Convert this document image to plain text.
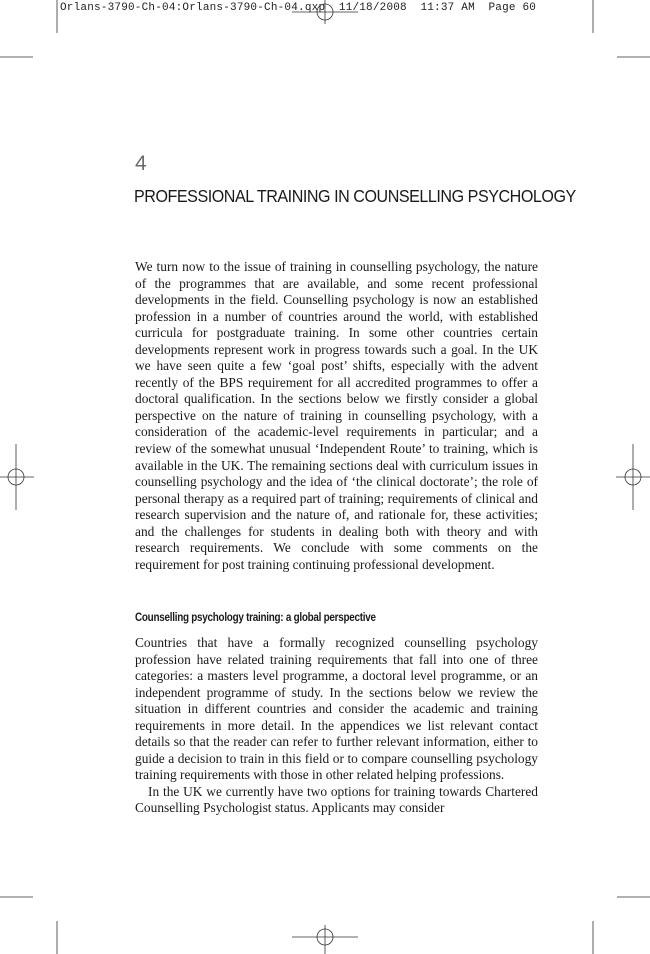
Orlans-3790-Ch-04:Orlans-3790-Ch-04.qxp  11/18/2008  11:37 AM  Page 60
4
PROFESSIONAL TRAINING IN COUNSELLING PSYCHOLOGY

We turn now to the issue of training in counselling psychology, the nature of the programmes that are available, and some recent professional developments in the field. Counselling psychology is now an established profession in a number of countries around the world, with established curricula for postgraduate training. In some other countries certain developments represent work in progress towards such a goal. In the UK we have seen quite a few ‘goal post’ shifts, especially with the advent recently of the BPS requirement for all accredited programmes to offer a doctoral qualification. In the sections below we firstly consider a global perspective on the nature of training in counselling psychology, with a consideration of the academic-level requirements in particular; and a review of the somewhat unusual ‘Independent Route’ to training, which is available in the UK. The remaining sections deal with curriculum issues in counselling psychology and the idea of ‘the clinical doctorate’; the role of personal therapy as a required part of training; requirements of clinical and research supervision and the nature of, and rationale for, these activities; and the challenges for students in dealing both with theory and with research requirements. We conclude with some comments on the requirement for post training continuing professional development.

Counselling psychology training: a global perspective

Countries that have a formally recognized counselling psychology profession have related training requirements that fall into one of three categories: a masters level programme, a doctoral level programme, or an independent programme of study. In the sections below we review the situation in different countries and consider the academic and training requirements in more detail. In the appendices we list relevant contact details so that the reader can refer to further relevant information, either to guide a decision to train in this field or to compare counselling psychology training requirements with those in other related helping professions.

In the UK we currently have two options for training towards Chartered Counselling Psychologist status. Applicants may consider
